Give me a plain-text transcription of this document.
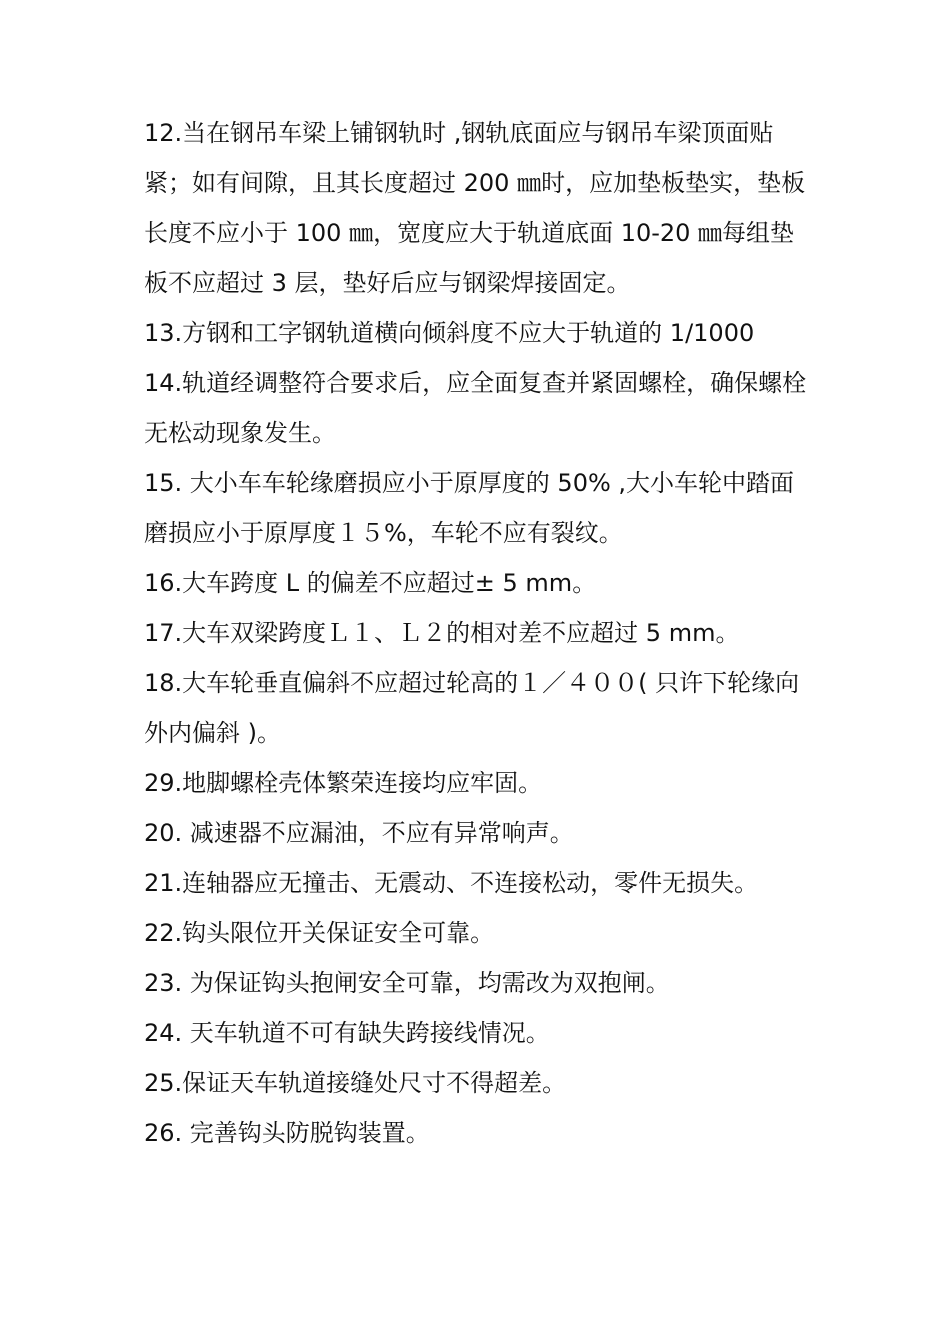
12.当在钢吊车梁上铺钢轨时 ,钢轨底面应与钢吊车梁顶面贴紧；如有间隙，且其长度超过 200 ㎜时，应加垫板垫实，垫板长度不应小于 100 ㎜，宽度应大于轨道底面 10-20 ㎜每组垫板不应超过 3 层，垫好后应与钢梁焊接固定。

13.方钢和工字钢轨道横向倾斜度不应大于轨道的 1/1000

14.轨道经调整符合要求后，应全面复查并紧固螺栓，确保螺栓无松动现象发生。

15. 大小车车轮缘磨损应小于原厚度的 50% ,大小车轮中踏面磨损应小于原厚度１５%，车轮不应有裂纹。

16.大车跨度 L 的偏差不应超过± 5 mm。

17.大车双梁跨度Ｌ１、Ｌ２的相对差不应超过 5 mm。

18.大车轮垂直偏斜不应超过轮高的１／４００( 只许下轮缘向外内偏斜 )。

29.地脚螺栓壳体繁荣连接均应牢固。

20. 减速器不应漏油，不应有异常响声。

21.连轴器应无撞击、无震动、不连接松动，零件无损失。

22.钩头限位开关保证安全可靠。

23. 为保证钩头抱闸安全可靠，均需改为双抱闸。

24. 天车轨道不可有缺失跨接线情况。

25.保证天车轨道接缝处尺寸不得超差。

26. 完善钩头防脱钩装置。
